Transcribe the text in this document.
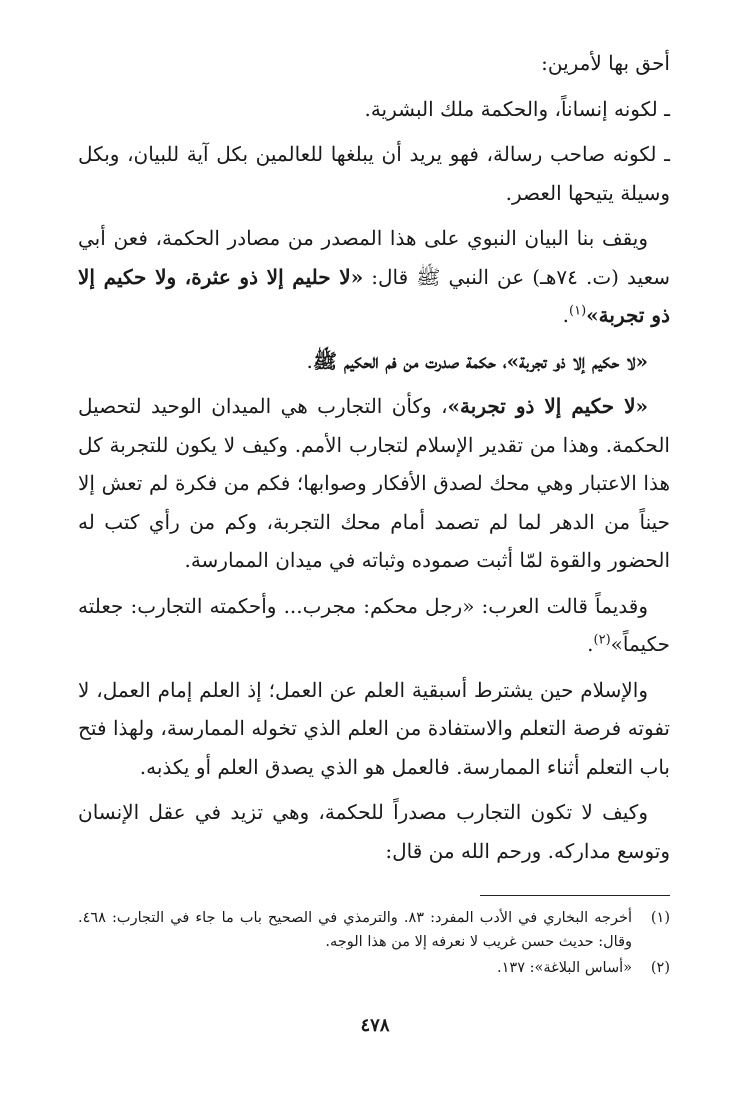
أحق بها لأمرين:

ـ لكونه إنساناً، والحكمة ملك البشرية.

ـ لكونه صاحب رسالة، فهو يريد أن يبلغها للعالمين بكل آية للبيان، وبكل وسيلة يتيحها العصر.

ويقف بنا البيان النبوي على هذا المصدر من مصادر الحكمة، فعن أبي سعيد (ت. ٧٤هـ) عن النبي ﷺ قال: «لا حليم إلا ذو عثرة، ولا حكيم إلا ذو تجربة»$^{(١)}$.

«لا حكيم إلا ذو تجربة»، حكمة صدرت من فم الحكيم ﷺ.

«لا حكيم إلا ذو تجربة»، وكأن التجارب هي الميدان الوحيد لتحصيل الحكمة. وهذا من تقدير الإسلام لتجارب الأمم. وكيف لا يكون للتجربة كل هذا الاعتبار وهي محك لصدق الأفكار وصوابها؛ فكم من فكرة لم تعش إلا حيناً من الدهر لما لم تصمد أمام محك التجربة، وكم من رأي كتب له الحضور والقوة لمّا أثبت صموده وثباته في ميدان الممارسة.

وقديماً قالت العرب: «رجل محكم: مجرب... وأحكمته التجارب: جعلته حكيماً»$^{(٢)}$.

والإسلام حين يشترط أسبقية العلم عن العمل؛ إذ العلم إمام العمل، لا تفوته فرصة التعلم والاستفادة من العلم الذي تخوله الممارسة، ولهذا فتح باب التعلم أثناء الممارسة. فالعمل هو الذي يصدق العلم أو يكذبه.

وكيف لا تكون التجارب مصدراً للحكمة، وهي تزيد في عقل الإنسان وتوسع مداركه. ورحم الله من قال:

(١)
أخرجه البخاري في الأدب المفرد: ٨٣. والترمذي في الصحيح باب ما جاء في التجارب: ٤٦٨. وقال: حديث حسن غريب لا نعرفه إلا من هذا الوجه.
(٢)
«أساس البلاغة»: ١٣٧.
٤٧٨
